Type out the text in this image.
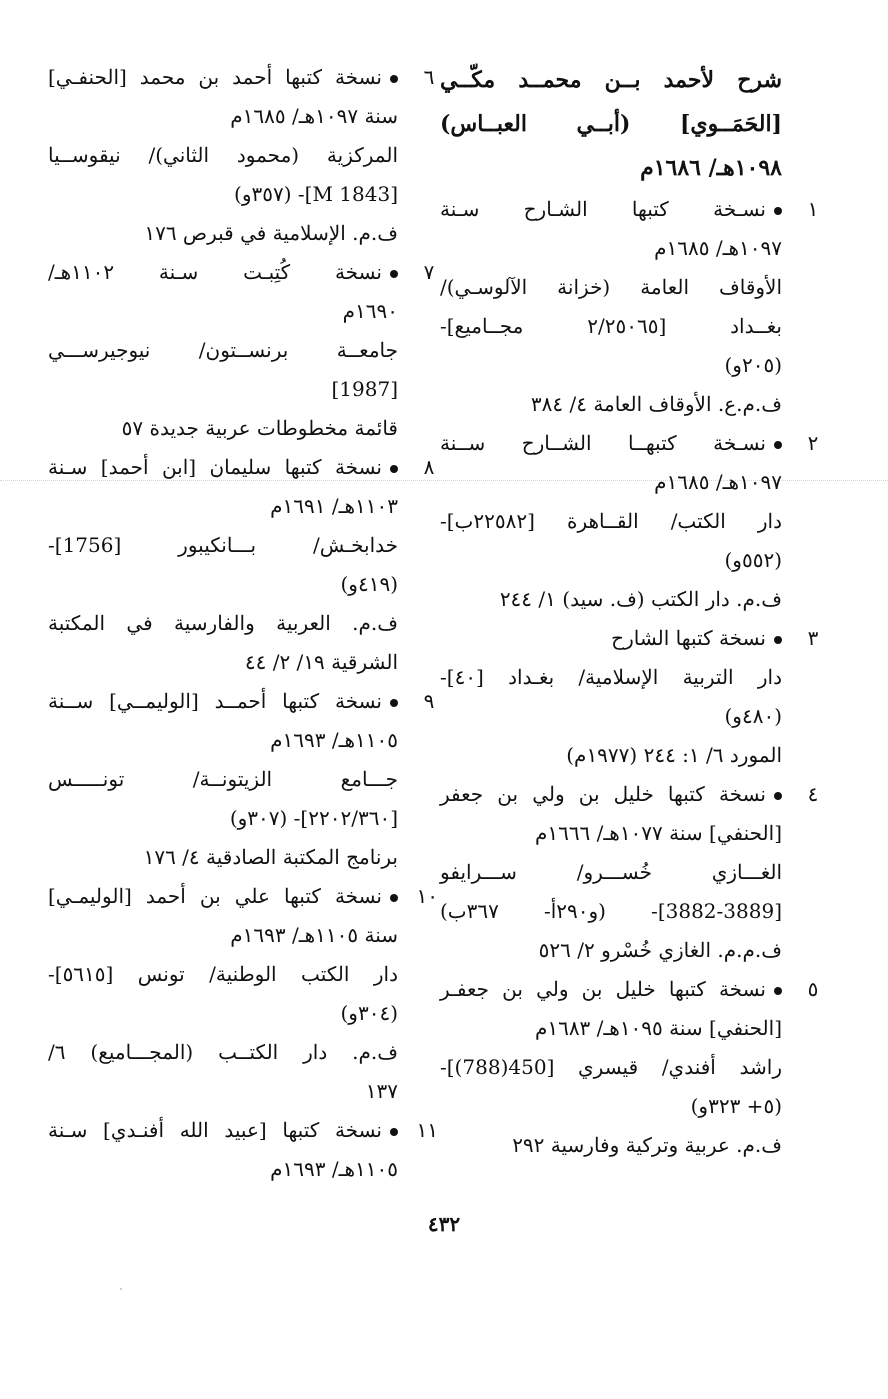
شرح لأحمد بــن محمــد مكّــي
[الحَمَــوي] (أبــي العبــاس)
١٠٩٨هـ/ ١٦٨٦م
١
نسـخة كتبها الشـارح سـنة
١٠٩٧هـ/ ١٦٨٥م
الأوقاف العامة (خزانة الآلوسـي)/
بغــداد [٢/٢٥٠٦٥ مجــاميع]-
(٢٠٥و)
ف.م.ع. الأوقاف العامة ٤/ ٣٨٤
٢
نسـخة كتبهــا الشــارح ســنة
١٠٩٧هـ/ ١٦٨٥م
دار الكتب/ القــاهرة [٢٢٥٨٢ب]-
(٥٥٢و)
ف.م. دار الكتب (ف. سيد) ١/ ٢٤٤
٣
نسخة كتبها الشارح
دار التربية الإسلامية/ بغـداد [٤٠]-
(٤٨٠و)
المورد ٦/ ١: ٢٤٤ (١٩٧٧م)
٤
نسخة كتبها خليل بن ولي بن جعفر
[الحنفي] سنة ١٠٧٧هـ/ ١٦٦٦م
الغـــازي خُســـرو/ ســـرايفو
[3882-3889]- (و٢٩٠أ- ٣٦٧ب)
ف.م.م. الغازي خُسْرو ٢/ ٥٢٦
٥
نسخة كتبها خليل بن ولي بن جعفـر
[الحنفي] سنة ١٠٩٥هـ/ ١٦٨٣م
راشد أفندي/ قيسري [450(788)]-
(٥+ ٣٢٣و)
ف.م. عربية وتركية وفارسية ٢٩٢
٦
نسخة كتبها أحمد بن محمد [الحنفـي]
سنة ١٠٩٧هـ/ ١٦٨٥م
المركزية (محمود الثاني)/ نيقوســيا
[M 1843]- (٣٥٧و)
ف.م. الإسلامية في قبرص ١٧٦
٧
نسخة كُتِبـت سـنة ١١٠٢هـ/
١٦٩٠م
جامعــة برنســتون/ نيوجيرســـي
[1987]
قائمة مخطوطات عربية جديدة ٥٧
٨
نسخة كتبها سليمان [ابن أحمد] سـنة
١١٠٣هـ/ ١٦٩١م
خدابخـش/ بـــانكيبور [1756]-
(٤١٩و)
ف.م. العربية والفارسية في المكتبة
الشرقية ١٩/ ٢/ ٤٤
٩
نسخة كتبها أحمــد [الوليمــي] ســنة
١١٠٥هـ/ ١٦٩٣م
جـــامع الزيتونــة/ تونـــــس
[٢٢٠٢/٣٦٠]- (٣٠٧و)
برنامج المكتبة الصادقية ٤/ ١٧٦
١٠
نسخة كتبها علي بن أحمد [الوليمـي]
سنة ١١٠٥هـ/ ١٦٩٣م
دار الكتب الوطنية/ تونس [٥٦١٥]-
(٣٠٤و)
ف.م. دار الكتــب (المجـــاميع) ٦/
١٣٧
١١
نسخة كتبها [عبيد الله أفنـدي] سـنة
١١٠٥هـ/ ١٦٩٣م
٤٣٢
